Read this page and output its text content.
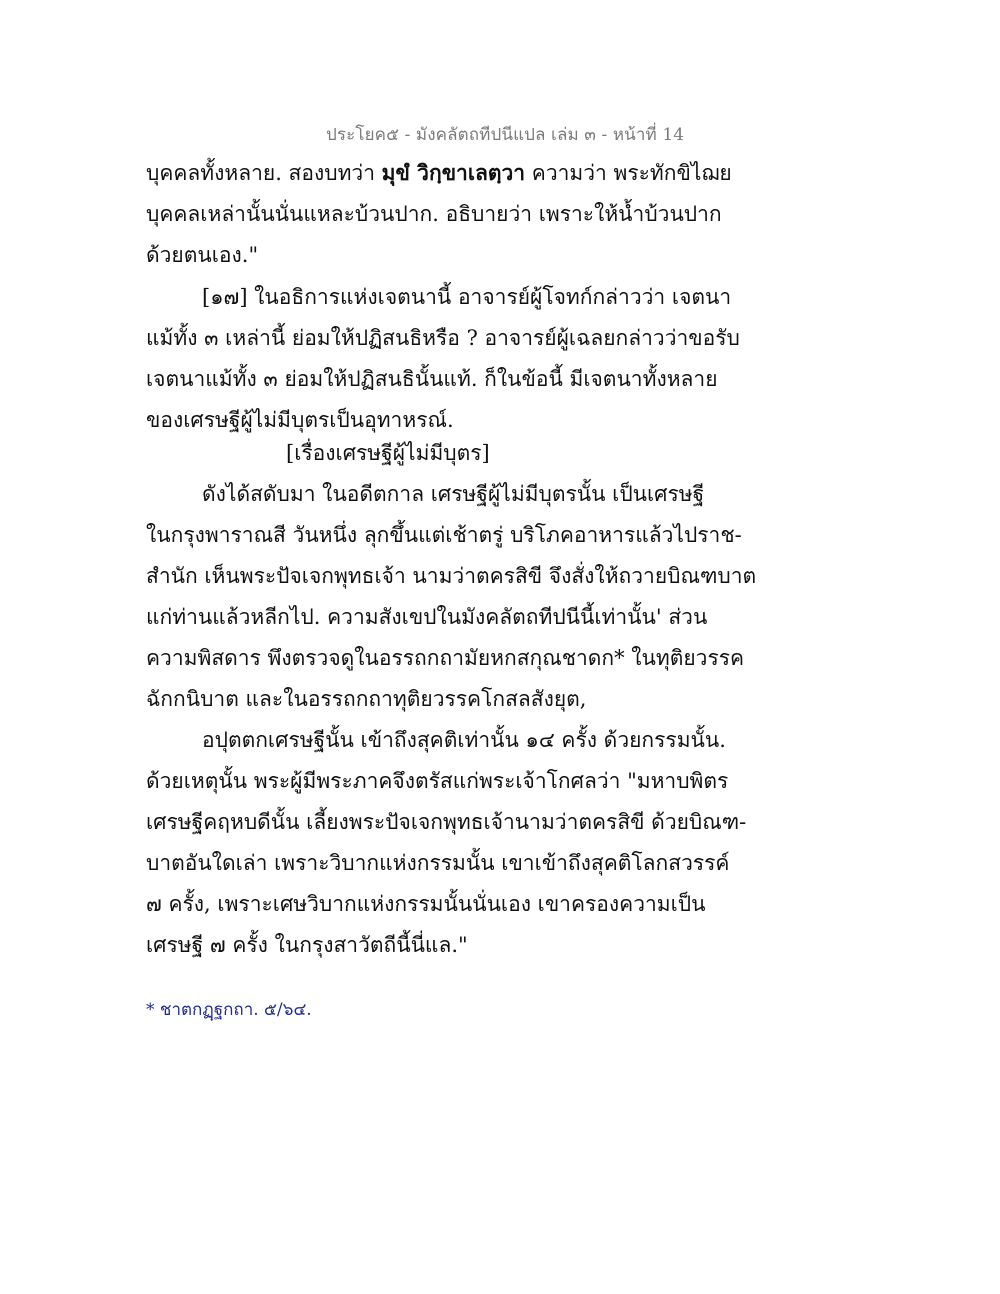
ประโยค๕ - มังคลัตถทีปนีแปล เล่ม ๓ - หน้าที่ 14
บุคคลทั้งหลาย. สองบทว่า มุขํ วิกฺขาเลตฺวา ความว่า พระทักขิไฌย
บุคคลเหล่านั้นนั่นแหละบ้วนปาก. อธิบายว่า เพราะให้น้ำบ้วนปาก
ด้วยตนเอง."
[๑๗] ในอธิการแห่งเจตนานี้ อาจารย์ผู้โจทก์กล่าวว่า เจตนา
แม้ทั้ง ๓ เหล่านี้ ย่อมให้ปฏิสนธิหรือ ? อาจารย์ผู้เฉลยกล่าวว่าขอรับ
เจตนาแม้ทั้ง ๓ ย่อมให้ปฏิสนธินั้นแท้. ก็ในข้อนี้ มีเจตนาทั้งหลาย
ของเศรษฐีผู้ไม่มีบุตรเป็นอุทาหรณ์.
[เรื่องเศรษฐีผู้ไม่มีบุตร]
ดังได้สดับมา ในอดีตกาล เศรษฐีผู้ไม่มีบุตรนั้น เป็นเศรษฐี
ในกรุงพาราณสี วันหนึ่ง ลุกขึ้นแต่เช้าตรู่ บริโภคอาหารแล้วไปราช-
สำนัก เห็นพระปัจเจกพุทธเจ้า นามว่าตครสิขี จึงสั่งให้ถวายบิณฑบาต
แก่ท่านแล้วหลีกไป. ความสังเขปในมังคลัตถทีปนีนี้เท่านั้น' ส่วน
ความพิสดาร พึงตรวจดูในอรรถกถามัยหกสกุณชาดก* ในทุติยวรรค
ฉักกนิบาต และในอรรถกถาทุติยวรรคโกสลสังยุต,
อปุตตกเศรษฐีนั้น เข้าถึงสุคติเท่านั้น ๑๔ ครั้ง ด้วยกรรมนั้น.
ด้วยเหตุนั้น พระผู้มีพระภาคจึงตรัสแก่พระเจ้าโกศลว่า "มหาบพิตร
เศรษฐีคฤหบดีนั้น เลี้ยงพระปัจเจกพุทธเจ้านามว่าตครสิขี ด้วยบิณฑ-
บาตอันใดเล่า เพราะวิบากแห่งกรรมนั้น เขาเข้าถึงสุคติโลกสวรรค์
๗ ครั้ง, เพราะเศษวิบากแห่งกรรมนั้นนั่นเอง เขาครองความเป็น
เศรษฐี ๗ ครั้ง ในกรุงสาวัตถีนี้นี่แล."
* ชาตกฏฺฐกถา. ๕/๖๔.
